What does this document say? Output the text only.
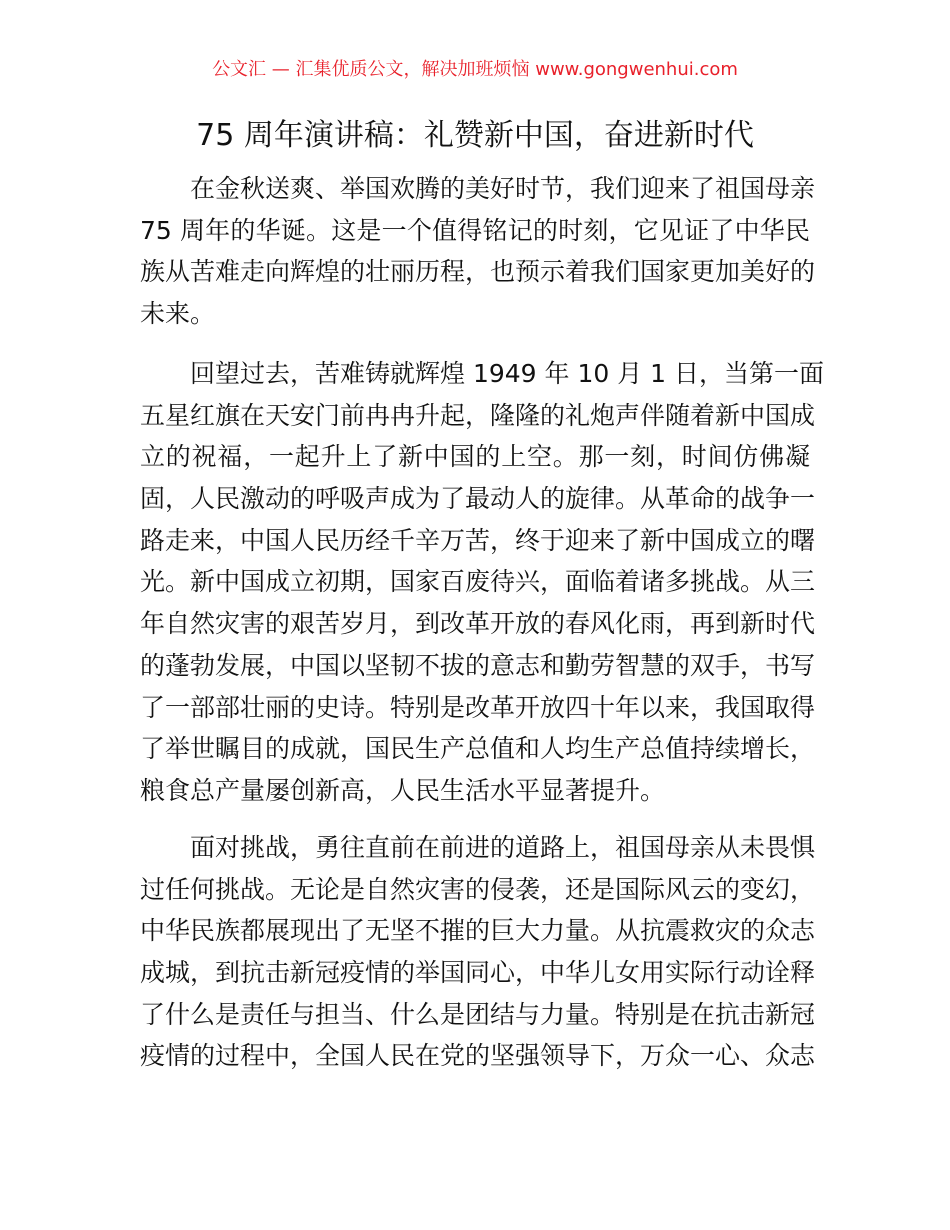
公文汇 — 汇集优质公文，解决加班烦恼 www.gongwenhui.com
75 周年演讲稿：礼赞新中国，奋进新时代
在金秋送爽、举国欢腾的美好时节，我们迎来了祖国母亲
75 周年的华诞。这是一个值得铭记的时刻，它见证了中华民
族从苦难走向辉煌的壮丽历程，也预示着我们国家更加美好的
未来。
回望过去，苦难铸就辉煌 1949 年 10 月 1 日，当第一面
五星红旗在天安门前冉冉升起，隆隆的礼炮声伴随着新中国成
立的祝福，一起升上了新中国的上空。那一刻，时间仿佛凝
固，人民激动的呼吸声成为了最动人的旋律。从革命的战争一
路走来，中国人民历经千辛万苦，终于迎来了新中国成立的曙
光。新中国成立初期，国家百废待兴，面临着诸多挑战。从三
年自然灾害的艰苦岁月，到改革开放的春风化雨，再到新时代
的蓬勃发展，中国以坚韧不拔的意志和勤劳智慧的双手，书写
了一部部壮丽的史诗。特别是改革开放四十年以来，我国取得
了举世瞩目的成就，国民生产总值和人均生产总值持续增长，
粮食总产量屡创新高，人民生活水平显著提升。
面对挑战，勇往直前在前进的道路上，祖国母亲从未畏惧
过任何挑战。无论是自然灾害的侵袭，还是国际风云的变幻，
中华民族都展现出了无坚不摧的巨大力量。从抗震救灾的众志
成城，到抗击新冠疫情的举国同心，中华儿女用实际行动诠释
了什么是责任与担当、什么是团结与力量。特别是在抗击新冠
疫情的过程中，全国人民在党的坚强领导下，万众一心、众志
